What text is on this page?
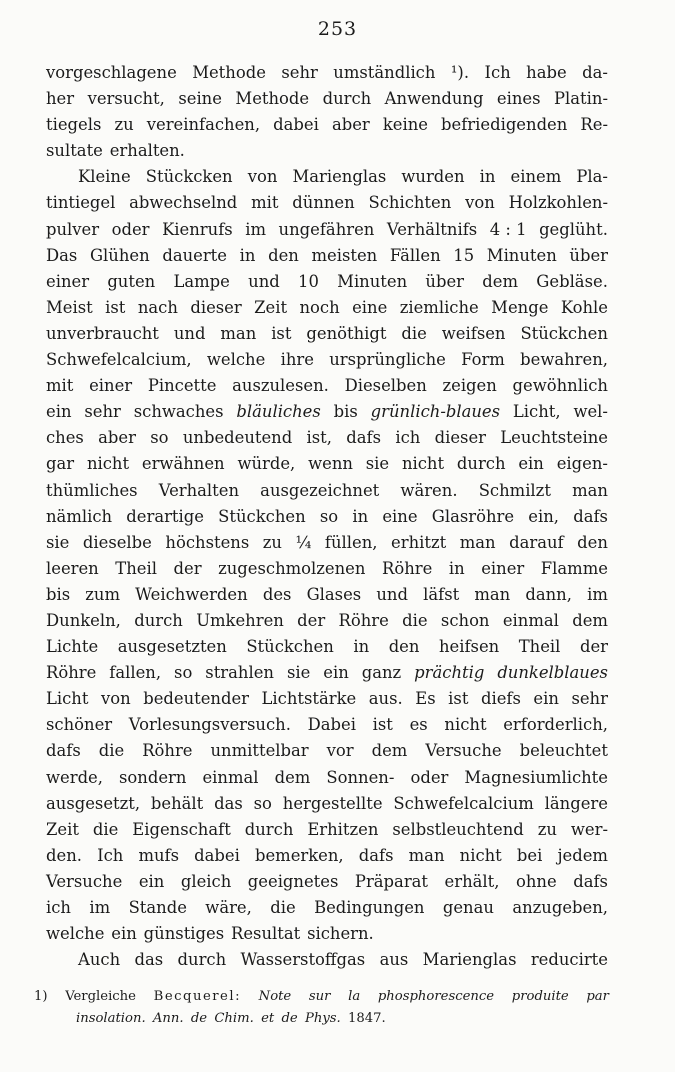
253
vorgeschlagene Methode sehr umständlich ¹). Ich habe da-
her versucht, seine Methode durch Anwendung eines Platin-
tiegels zu vereinfachen, dabei aber keine befriedigenden Re-
sultate erhalten.
Kleine Stückcken von Marienglas wurden in einem Pla-
tintiegel abwechselnd mit dünnen Schichten von Holzkohlen-
pulver oder Kienrufs im ungefähren Verhältnifs 4 : 1 geglüht.
Das Glühen dauerte in den meisten Fällen 15 Minuten über
einer guten Lampe und 10 Minuten über dem Gebläse.
Meist ist nach dieser Zeit noch eine ziemliche Menge Kohle
unverbraucht und man ist genöthigt die weifsen Stückchen
Schwefelcalcium, welche ihre ursprüngliche Form bewahren,
mit einer Pincette auszulesen. Dieselben zeigen gewöhnlich
ein sehr schwaches bläuliches bis grünlich-blaues Licht, wel-
ches aber so unbedeutend ist, dafs ich dieser Leuchtsteine
gar nicht erwähnen würde, wenn sie nicht durch ein eigen-
thümliches Verhalten ausgezeichnet wären. Schmilzt man
nämlich derartige Stückchen so in eine Glasröhre ein, dafs
sie dieselbe höchstens zu ¼ füllen, erhitzt man darauf den
leeren Theil der zugeschmolzenen Röhre in einer Flamme
bis zum Weichwerden des Glases und läfst man dann, im
Dunkeln, durch Umkehren der Röhre die schon einmal dem
Lichte ausgesetzten Stückchen in den heifsen Theil der
Röhre fallen, so strahlen sie ein ganz prächtig dunkelblaues
Licht von bedeutender Lichtstärke aus. Es ist diefs ein sehr
schöner Vorlesungsversuch. Dabei ist es nicht erforderlich,
dafs die Röhre unmittelbar vor dem Versuche beleuchtet
werde, sondern einmal dem Sonnen- oder Magnesiumlichte
ausgesetzt, behält das so hergestellte Schwefelcalcium längere
Zeit die Eigenschaft durch Erhitzen selbstleuchtend zu wer-
den. Ich mufs dabei bemerken, dafs man nicht bei jedem
Versuche ein gleich geeignetes Präparat erhält, ohne dafs
ich im Stande wäre, die Bedingungen genau anzugeben,
welche ein günstiges Resultat sichern.
Auch das durch Wasserstoffgas aus Marienglas reducirte
1) Vergleiche Becquerel: Note sur la phosphorescence produite par
insolation. Ann. de Chim. et de Phys. 1847.
